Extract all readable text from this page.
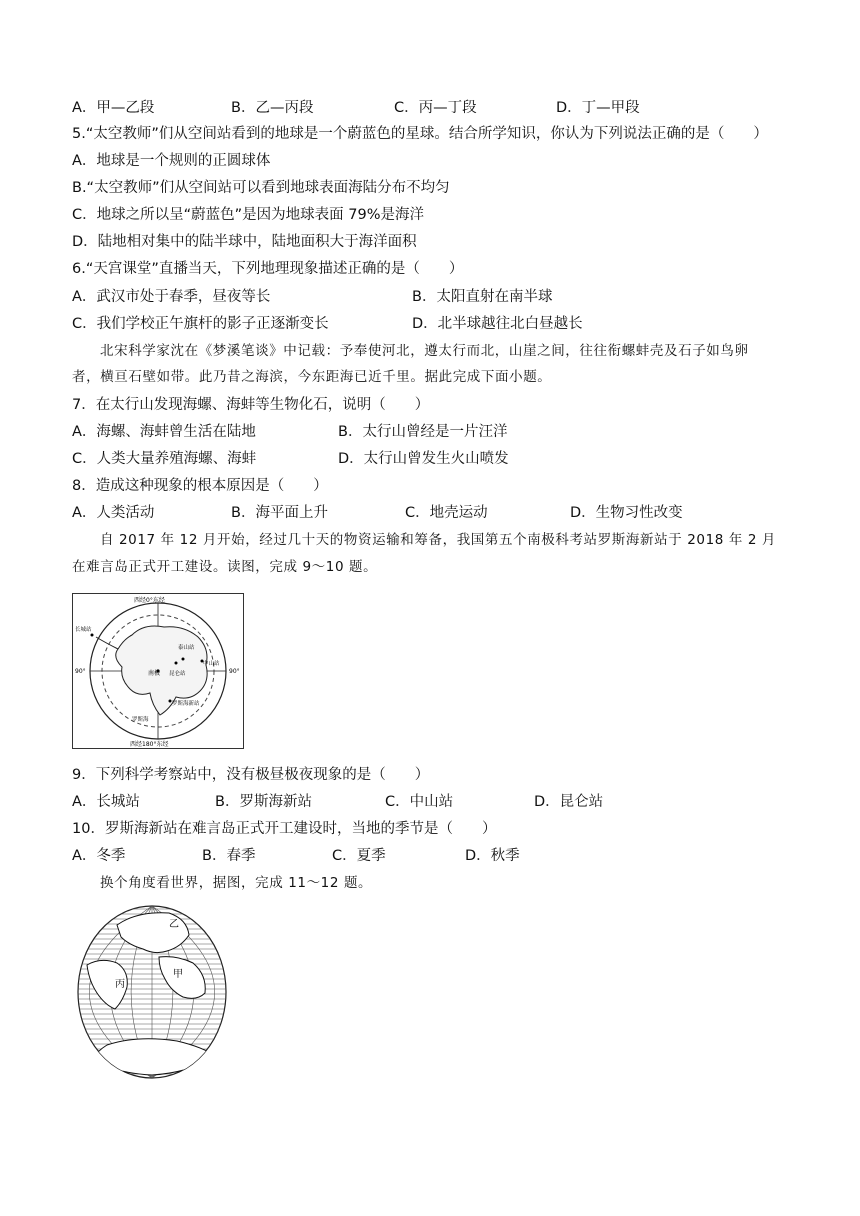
A．甲—乙段	B．乙—丙段	C．丙—丁段	D．丁—甲段
5.“太空教师”们从空间站看到的地球是一个蔚蓝色的星球。结合所学知识，你认为下列说法正确的是（　　）
A．地球是一个规则的正圆球体
B.“太空教师”们从空间站可以看到地球表面海陆分布不均匀
C．地球之所以呈“蔚蓝色”是因为地球表面 79%是海洋
D．陆地相对集中的陆半球中，陆地面积大于海洋面积
6.“天宫课堂”直播当天，下列地理现象描述正确的是（　　）
A．武汉市处于春季，昼夜等长	B．太阳直射在南半球
C．我们学校正午旗杆的影子正逐渐变长	D．北半球越往北白昼越长
北宋科学家沈在《梦溪笔谈》中记载：予奉使河北，遵太行而北，山崖之间，往往衔螺蚌壳及石子如鸟卵
者，横亘石壁如带。此乃昔之海滨，今东距海已近千里。据此完成下面小题。
7．在太行山发现海螺、海蚌等生物化石，说明（　　）
A．海螺、海蚌曾生活在陆地	B．太行山曾经是一片汪洋
C．人类大量养殖海螺、海蚌	D．太行山曾发生火山喷发
8．造成这种现象的根本原因是（　　）
A．人类活动	B．海平面上升	C．地壳运动	D．生物习性改变
自 2017 年 12 月开始，经过几十天的物资运输和筹备，我国第五个南极科考站罗斯海新站于 2018 年 2 月
在难言岛正式开工建设。读图，完成 9～10 题。
南极
西经0°东经
西经180°东经
90°	90°
长城站
泰山站
昆仑站
中山站
罗斯海新站
罗斯海
9．下列科学考察站中，没有极昼极夜现象的是（　　）
A．长城站	B．罗斯海新站	C．中山站	D．昆仑站
10．罗斯海新站在难言岛正式开工建设时，当地的季节是（　　）
A．冬季	B．春季	C．夏季	D．秋季
换个角度看世界，据图，完成 11～12 题。
乙
丙
甲
